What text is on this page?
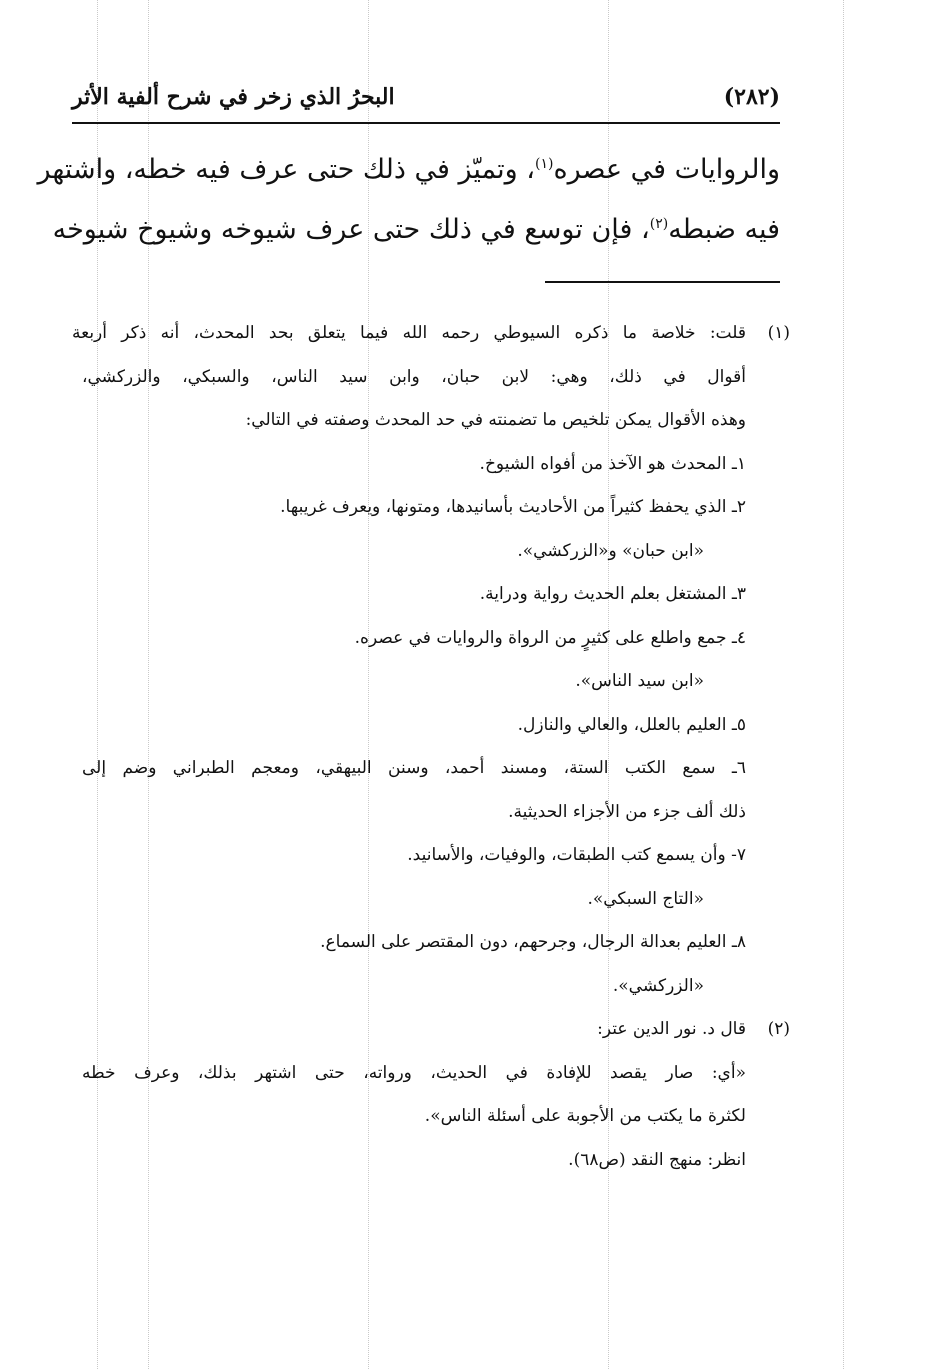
(٢٨٢)
البحرُ الذي زخر في شرح ألفية الأثر
والروايات في عصره$^{(١)}$، وتميّز في ذلك حتى عرف فيه خطه، واشتهر
فيه ضبطه$^{(٢)}$، فإن توسع في ذلك حتى عرف شيوخه وشيوخ شيوخه
(١)قلت: خلاصة ما ذكره السيوطي رحمه الله فيما يتعلق بحد المحدث، أنه ذكر أربعة
أقوال في ذلك، وهي: لابن حبان، وابن سيد الناس، والسبكي، والزركشي،
وهذه الأقوال يمكن تلخيص ما تضمنته في حد المحدث وصفته في التالي:
١ـ المحدث هو الآخذ من أفواه الشيوخ.
٢ـ الذي يحفظ كثيراً من الأحاديث بأسانيدها، ومتونها، ويعرف غريبها.
«ابن حبان» و«الزركشي».
٣ـ المشتغل بعلم الحديث رواية ودراية.
٤ـ جمع واطلع على كثيرٍ من الرواة والروايات في عصره.
«ابن سيد الناس».
٥ـ العليم بالعلل، والعالي والنازل.
٦ـ سمع الكتب الستة، ومسند أحمد، وسنن البيهقي، ومعجم الطبراني وضم إلى
ذلك ألف جزء من الأجزاء الحديثية.
٧- وأن يسمع كتب الطبقات، والوفيات، والأسانيد.
«التاج السبكي».
٨ـ العليم بعدالة الرجال، وجرحهم، دون المقتصر على السماع.
«الزركشي».
(٢)قال د. نور الدين عتر:
«أي: صار يقصد للإفادة في الحديث، ورواته، حتى اشتهر بذلك، وعرف خطه
لكثرة ما يكتب من الأجوبة على أسئلة الناس».
انظر: منهج النقد (ص٦٨).
